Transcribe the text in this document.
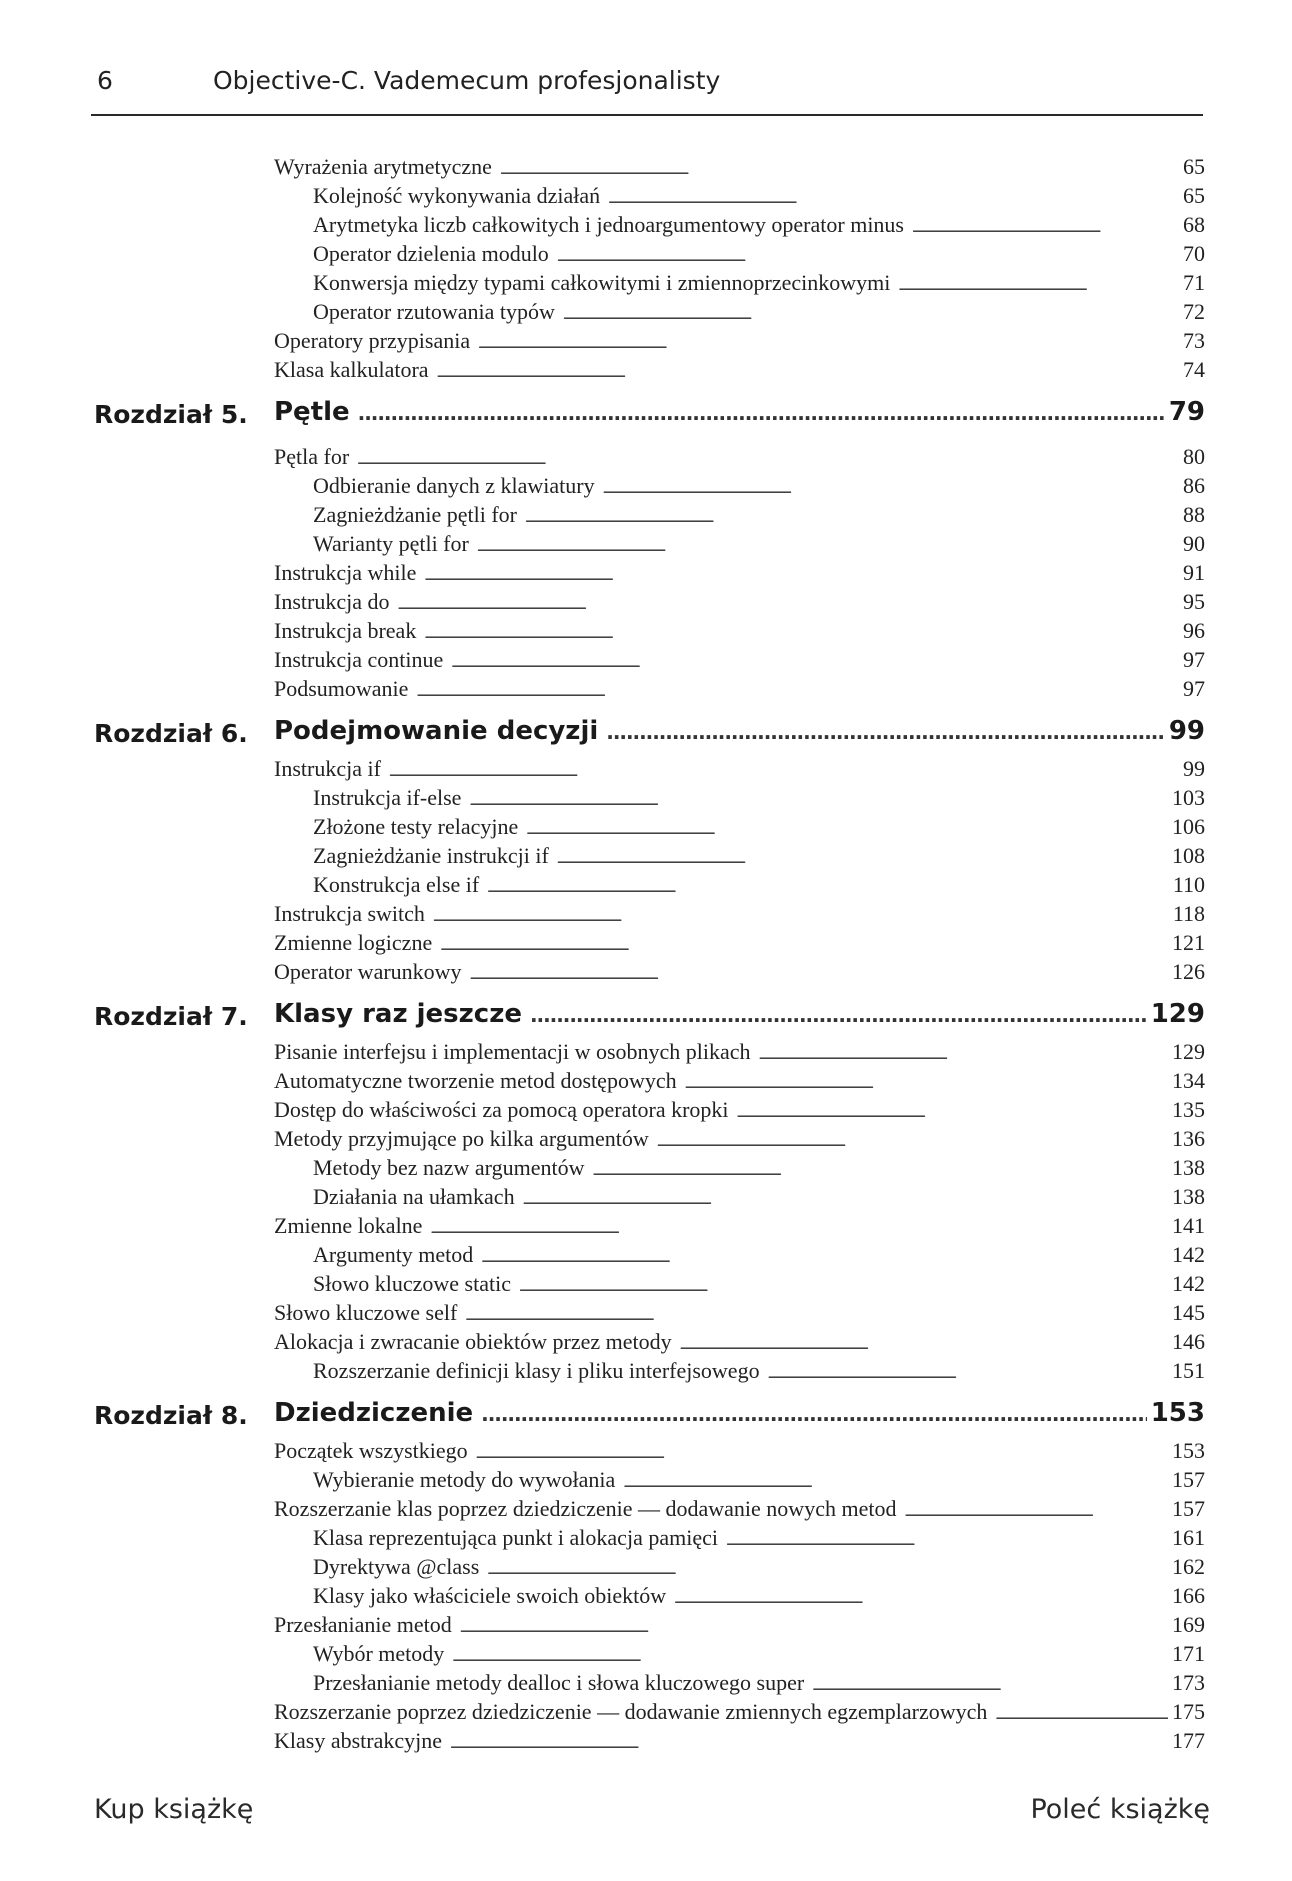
6	Objective-C. Vademecum profesjonalisty
Wyrażenia arytmetyczne . . .	65
Kolejność wykonywania działań . . .	65
Arytmetyka liczb całkowitych i jednoargumentowy operator minus . . .	68
Operator dzielenia modulo . . .	70
Konwersja między typami całkowitymi i zmiennoprzecinkowymi . . .	71
Operator rzutowania typów . . .	72
Operatory przypisania . . .	73
Klasa kalkulatora . . .	74
Rozdział 5. Pętle . . .	79
Pętla for . . .	80
Odbieranie danych z klawiatury . . .	86
Zagnieżdżanie pętli for . . .	88
Warianty pętli for . . .	90
Instrukcja while . . .	91
Instrukcja do . . .	95
Instrukcja break . . .	96
Instrukcja continue . . .	97
Podsumowanie . . .	97
Rozdział 6. Podejmowanie decyzji . . .	99
Instrukcja if . . .	99
Instrukcja if-else . . .	103
Złożone testy relacyjne . . .	106
Zagnieżdżanie instrukcji if . . .	108
Konstrukcja else if . . .	110
Instrukcja switch . . .	118
Zmienne logiczne . . .	121
Operator warunkowy . . .	126
Rozdział 7. Klasy raz jeszcze . . .	129
Pisanie interfejsu i implementacji w osobnych plikach . . .	129
Automatyczne tworzenie metod dostępowych . . .	134
Dostęp do właściwości za pomocą operatora kropki . . .	135
Metody przyjmujące po kilka argumentów . . .	136
Metody bez nazw argumentów . . .	138
Działania na ułamkach . . .	138
Zmienne lokalne . . .	141
Argumenty metod . . .	142
Słowo kluczowe static . . .	142
Słowo kluczowe self . . .	145
Alokacja i zwracanie obiektów przez metody . . .	146
Rozszerzanie definicji klasy i pliku interfejsowego . . .	151
Rozdział 8. Dziedziczenie . . .	153
Początek wszystkiego . . .	153
Wybieranie metody do wywołania . . .	157
Rozszerzanie klas poprzez dziedziczenie — dodawanie nowych metod . . .	157
Klasa reprezentująca punkt i alokacja pamięci . . .	161
Dyrektywa @class . . .	162
Klasy jako właściciele swoich obiektów . . .	166
Przesłanianie metod . . .	169
Wybór metody . . .	171
Przesłanianie metody dealloc i słowa kluczowego super . . .	173
Rozszerzanie poprzez dziedziczenie — dodawanie zmiennych egzemplarzowych . . .	175
Klasy abstrakcyjne . . .	177
Kup książkę	Poleć książkę
